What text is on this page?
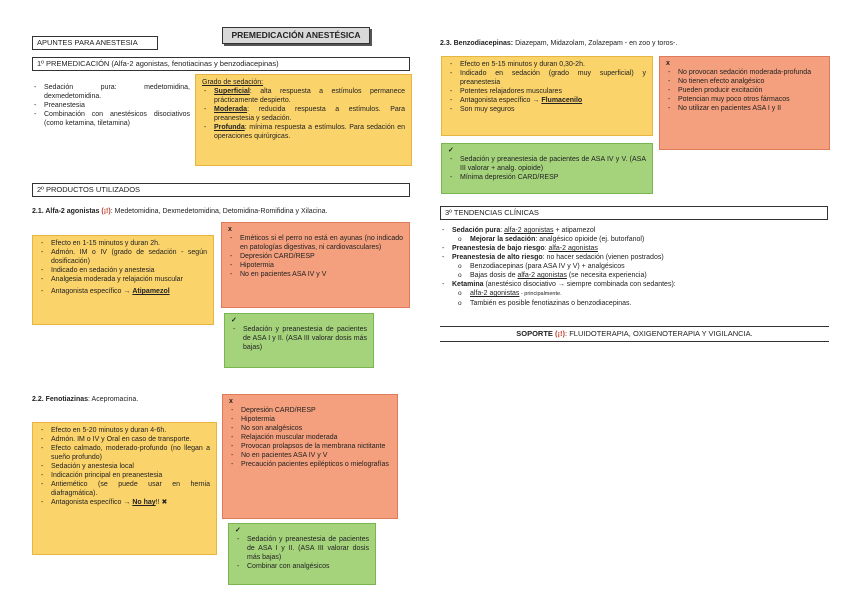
PREMEDICACIÓN ANESTÉSICA
APUNTES PARA ANESTESIA
1º PREMEDICACIÓN (Alfa-2 agonistas, fenotiacinas y benzodiacepinas)
- Sedación pura: medetomidina, dexmedetomidina.
- Preanestesia
- Combinación con anestésicos disociativos (como ketamina, tiletamina)
Grado de sedación:
- Superficial: alta respuesta a estímulos permanece prácticamente despierto.
- Moderada: reducida respuesta a estímulos. Para preanestesia y sedación.
- Profunda: mínima respuesta a estímulos. Para sedación en operaciones quirúrgicas.
2º PRODUCTOS UTILIZADOS
2.1. Alfa-2 agonistas (¡!): Medetomidina, Dexmedetomidina, Detomidina-Romifidina y Xilacina.
- Efecto en 1-15 minutos y duran 2h.
- Admón. IM o IV (grado de sedación - según dosificación)
- Indicado en sedación y anestesia
- Analgesia moderada y relajación muscular
- Antagonista específico → Atipamezol
x
- Eméticos si el perro no está en ayunas (no indicado en patologías digestivas, ni cardiovasculares)
- Depresión CARD/RESP
- Hipotermia
- No en pacientes ASA IV y V
✓
- Sedación y preanestesia de pacientes de ASA I y II. (ASA III valorar dosis más bajas)
2.2. Fenotiazinas: Acepromacina.
- Efecto en 5-20 minutos y duran 4-6h.
- Admón. IM o IV y Oral en caso de transporte.
- Efecto calmado, moderado-profundo (no llegan a sueño profundo)
- Sedación y anestesia local
- Indicación principal en preanestesia
- Antiemético (se puede usar en hernia diafragmática).
- Antagonista específico → No hay!! ✖
x
- Depresión CARD/RESP
- Hipotermia
- No son analgésicos
- Relajación muscular moderada
- Provocan prolapsos de la membrana nictitante
- No en pacientes ASA IV y V
- Precaución pacientes epilépticos o mielografías
✓
- Sedación y preanestesia de pacientes de ASA I y II. (ASA III valorar dosis más bajas)
- Combinar con analgésicos
2.3. Benzodiacepinas: Diazepam, Midazolam, Zolazepam - en zoo y toros-.
- Efecto en 5-15 minutos y duran 0,30-2h.
- Indicado en sedación (grado muy superficial) y preanestesia
- Potentes relajadores musculares
- Antagonista específico → Flumacenilo
- Son muy seguros
x
- No provocan sedación moderada-profunda
- No tienen efecto analgésico
- Pueden producir excitación
- Potencian muy poco otros fármacos
- No utilizar en pacientes ASA I y II
✓
- Sedación y preanestesia de pacientes de ASA IV y V. (ASA III valorar + analg. opioide)
- Mínima depresión CARD/RESP
3º TENDENCIAS CLÍNICAS
- Sedación pura: alfa-2 agonistas + atipamezol
o Mejorar la sedación: analgésico opioide (ej. butorfanol)
- Preanestesia de bajo riesgo: alfa-2 agonistas
- Preanestesia de alto riesgo: no hacer sedación (vienen postrados)
o Benzodiacepinas (para ASA IV y V) + analgésicos
o Bajas dosis de alfa-2 agonistas (se necesita experiencia)
- Ketamina (anestésico disociativo → siempre combinada con sedantes):
o alfa-2 agonistas - principalmente.
o También es posible fenotiazinas o benzodiacepinas.
SOPORTE (¡!): FLUIDOTERAPIA, OXIGENOTERAPIA Y VIGILANCIA.
